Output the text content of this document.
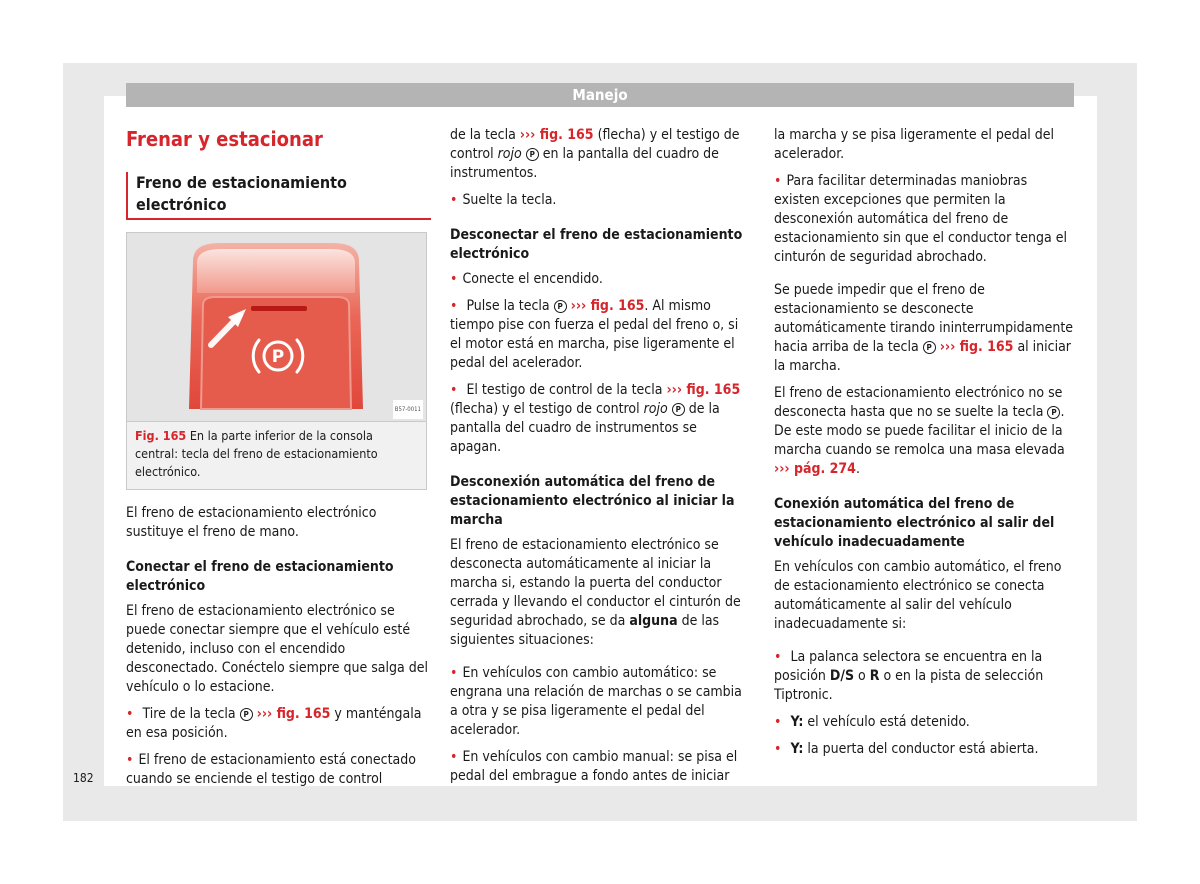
Manejo
Frenar y estacionar
Freno de estacionamiento electrónico
P
B57-0011
Fig. 165 En la parte inferior de la consola central: tecla del freno de estacionamiento electrónico.

El freno de estacionamiento electrónico sustituye el freno de mano.

Conectar el freno de estacionamiento electrónico

El freno de estacionamiento electrónico se puede conectar siempre que el vehículo esté detenido, incluso con el encendido desconectado. Conéctelo siempre que salga del vehículo o lo estacione.

• Tire de la tecla P ››› fig. 165 y manténgala en esa posición.

• El freno de estacionamiento está conectado cuando se enciende el testigo de control

de la tecla ››› fig. 165 (flecha) y el testigo de control rojo P en la pantalla del cuadro de instrumentos.

• Suelte la tecla.

Desconectar el freno de estacionamiento electrónico

• Conecte el encendido.

• Pulse la tecla P ››› fig. 165. Al mismo tiempo pise con fuerza el pedal del freno o, si el motor está en marcha, pise ligeramente el pedal del acelerador.

• El testigo de control de la tecla ››› fig. 165 (flecha) y el testigo de control rojo P de la pantalla del cuadro de instrumentos se apagan.

Desconexión automática del freno de estacionamiento electrónico al iniciar la marcha

El freno de estacionamiento electrónico se desconecta automáticamente al iniciar la marcha si, estando la puerta del conductor cerrada y llevando el conductor el cinturón de seguridad abrochado, se da alguna de las siguientes situaciones:

• En vehículos con cambio automático: se engrana una relación de marchas o se cambia a otra y se pisa ligeramente el pedal del acelerador.

• En vehículos con cambio manual: se pisa el pedal del embrague a fondo antes de iniciar

la marcha y se pisa ligeramente el pedal del acelerador.

• Para facilitar determinadas maniobras existen excepciones que permiten la desconexión automática del freno de estacionamiento sin que el conductor tenga el cinturón de seguridad abrochado.

Se puede impedir que el freno de estacionamiento se desconecte automáticamente tirando ininterrumpidamente hacia arriba de la tecla P ››› fig. 165 al iniciar la marcha.

El freno de estacionamiento electrónico no se desconecta hasta que no se suelte la tecla P . De este modo se puede facilitar el inicio de la marcha cuando se remolca una masa elevada ››› pág. 274.

Conexión automática del freno de estacionamiento electrónico al salir del vehículo inadecuadamente

En vehículos con cambio automático, el freno de estacionamiento electrónico se conecta automáticamente al salir del vehículo inadecuadamente si:

• La palanca selectora se encuentra en la posición D/S o R o en la pista de selección Tiptronic.

• Y: el vehículo está detenido.

• Y: la puerta del conductor está abierta.

182
